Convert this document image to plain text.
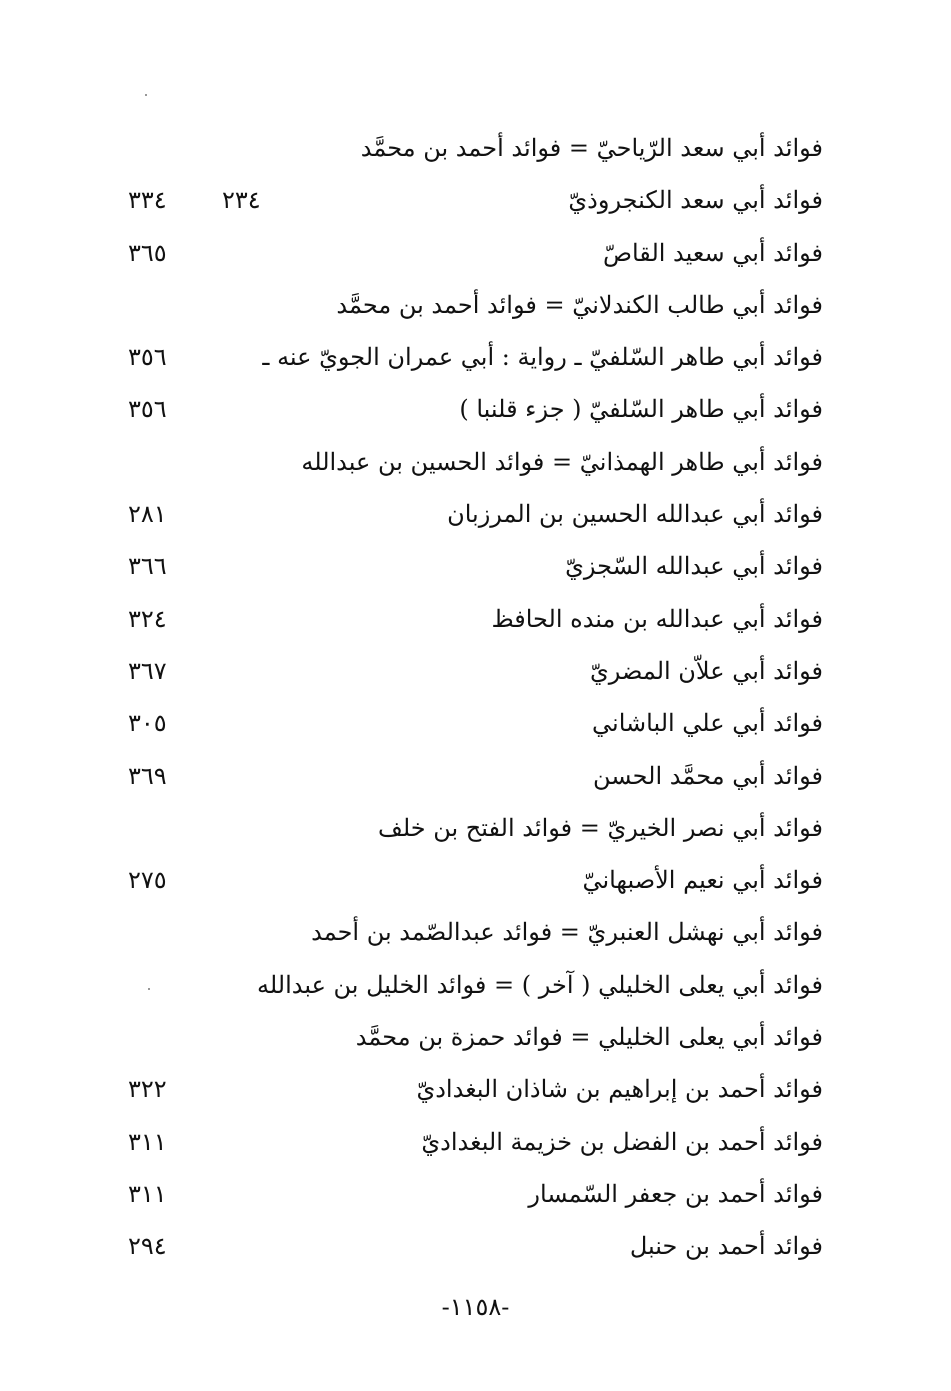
فوائد أبي سعد الرّياحيّ = فوائد أحمد بن محمَّد
فوائد أبي سعد الكنجروذيّ
٢٣٤
٣٣٤
فوائد أبي سعيد القاصّ
٣٦٥
فوائد أبي طالب الكندلانيّ = فوائد أحمد بن محمَّد
فوائد أبي طاهر السّلفيّ ـ رواية : أبي عمران الجويّ عنه ـ
٣٥٦
فوائد أبي طاهر السّلفيّ ( جزء قلنبا )
٣٥٦
فوائد أبي طاهر الهمذانيّ = فوائد الحسين بن عبدالله
فوائد أبي عبدالله الحسين بن المرزبان
٢٨١
فوائد أبي عبدالله السّجزيّ
٣٦٦
فوائد أبي عبدالله بن منده الحافظ
٣٢٤
فوائد أبي علاّن المضريّ
٣٦٧
فوائد أبي علي الباشاني
٣٠٥
فوائد أبي محمَّد الحسن
٣٦٩
فوائد أبي نصر الخيريّ = فوائد الفتح بن خلف
فوائد أبي نعيم الأصبهانيّ
٢٧٥
فوائد أبي نهشل العنبريّ = فوائد عبدالصّمد بن أحمد
فوائد أبي يعلى الخليلي ( آخر ) = فوائد الخليل بن عبدالله
فوائد أبي يعلى الخليلي = فوائد حمزة بن محمَّد
فوائد أحمد بن إبراهيم بن شاذان البغداديّ
٣٢٢
فوائد أحمد بن الفضل بن خزيمة البغداديّ
٣١١
فوائد أحمد بن جعفر السّمسار
٣١١
فوائد أحمد بن حنبل
٢٩٤
-١١٥٨-
